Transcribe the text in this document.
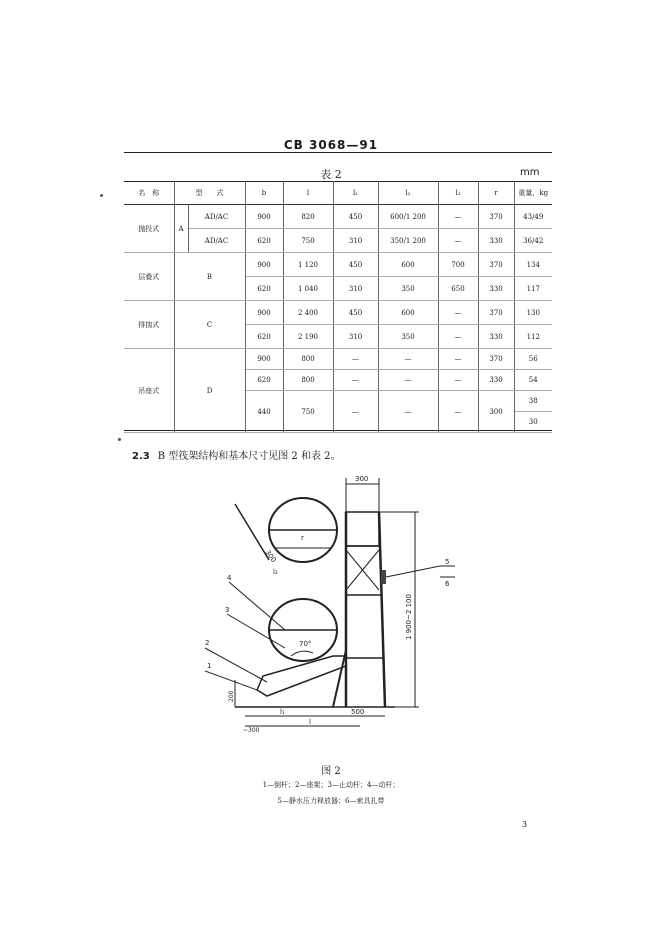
CB 3068—91
表 2	mm
名　称	型　　式		b	l	l₁	l₂	l₃	r	重量，kg
抛投式	A	AD/AC	900	820	450	600/1 200	—	370	43/49
		AD/AC	620	750	310	350/1 200	—	330	36/42
层叠式	B		900	1 120	450	600	700	370	134
			620	1 040	310	350	650	330	117
排揣式	C		900	2 400	450	600	—	370	130
			620	2 190	310	350	—	330	112
吊座式	D		900	800	—	—	—	370	56
			620	800	—	—	—	330	54
			440	750	—	—	—	300	38
									30
2.3 B 型筏架结构和基本尺寸见图 2 和表 2。
300
1 900~2 100
5
6
4
3
2
1
300
l₂
r
70°
200
l₁	500
l
~300
图 2
1—倒杆；2—座架；3—止动杆；4—动杆；
5—静水压力释放器；6—索具扎带
3
